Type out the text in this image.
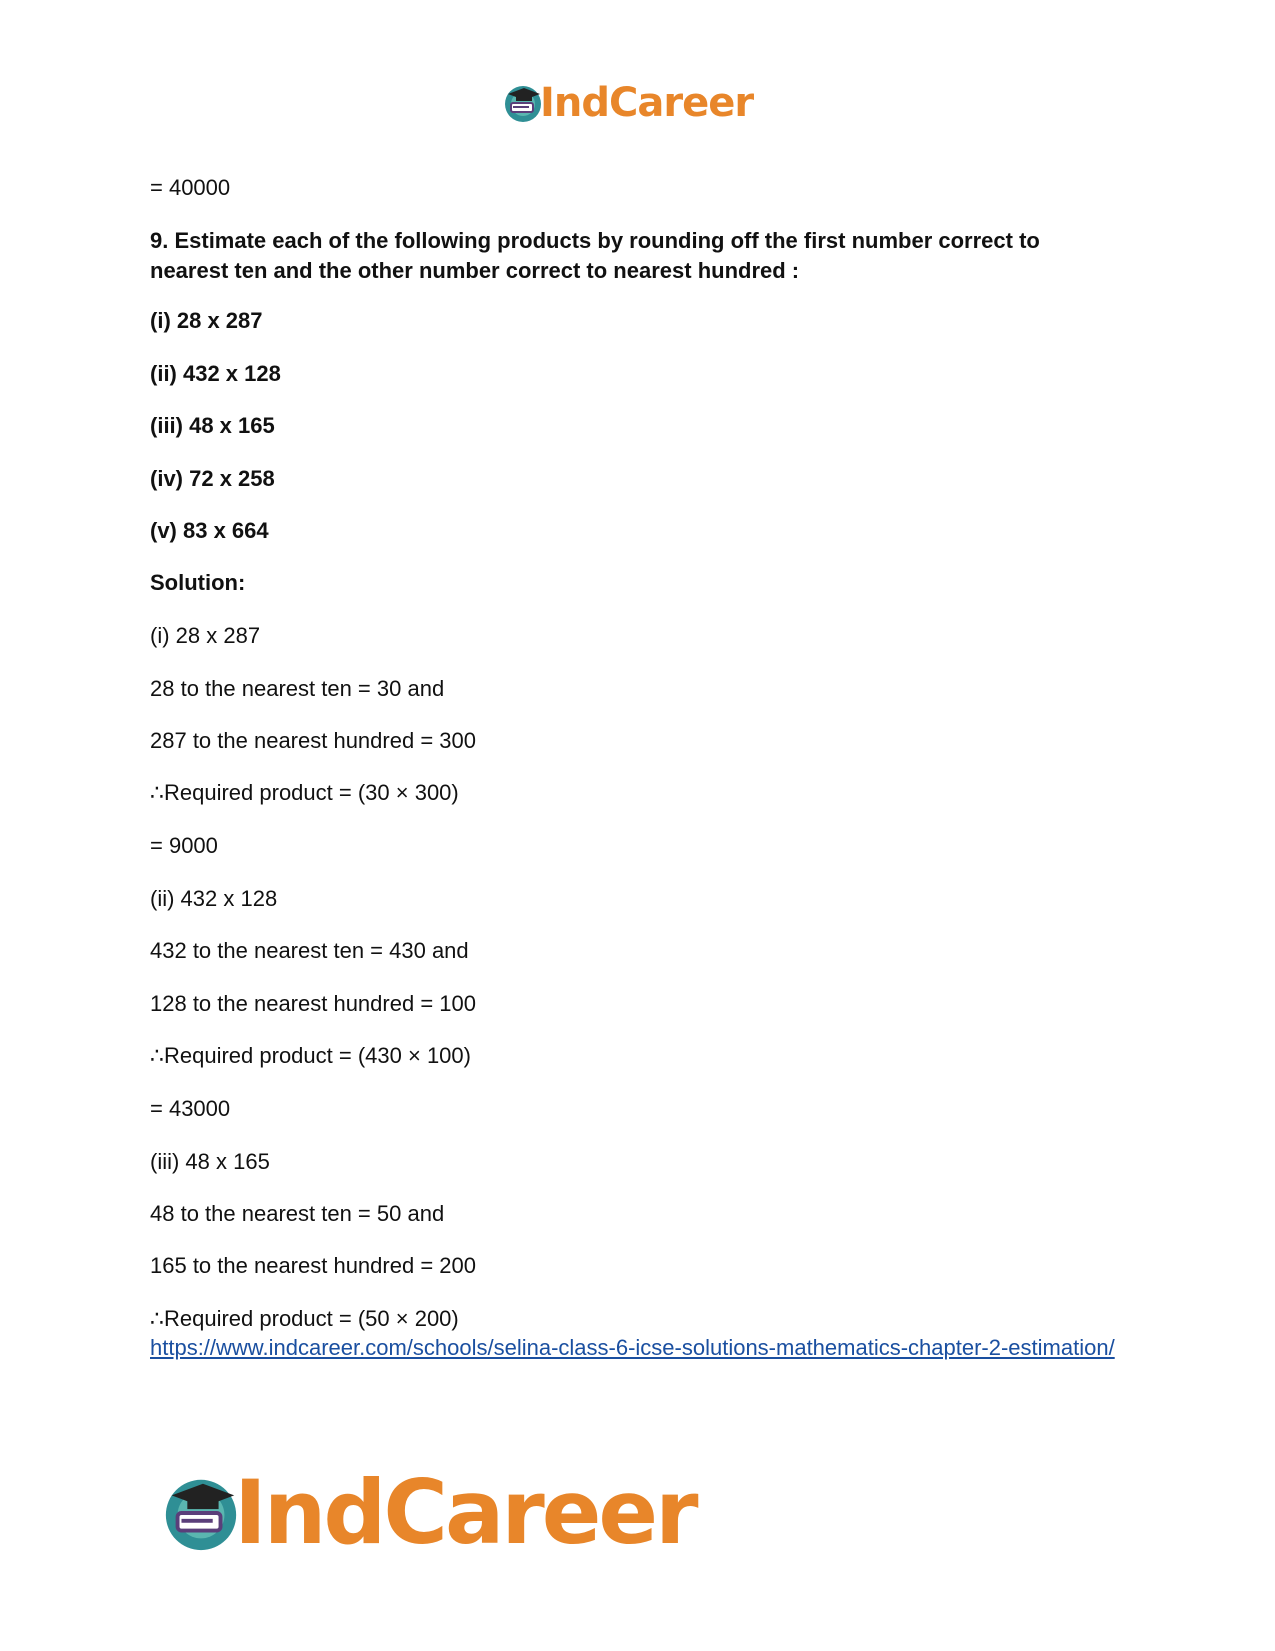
IndCareer
= 40000
9. Estimate each of the following products by rounding off the first number correct to nearest ten and the other number correct to nearest hundred :
(i) 28 x 287
(ii) 432 x 128
(iii) 48 x 165
(iv) 72 x 258
(v) 83 x 664
Solution:
(i) 28 x 287
28 to the nearest ten = 30 and
287 to the nearest hundred = 300
∴Required product = (30 × 300)
= 9000
(ii) 432 x 128
432 to the nearest ten = 430 and
128 to the nearest hundred = 100
∴Required product = (430 × 100)
= 43000
(iii) 48 x 165
48 to the nearest ten = 50 and
165 to the nearest hundred = 200
∴Required product = (50 × 200)
https://www.indcareer.com/schools/selina-class-6-icse-solutions-mathematics-chapter-2-estimation/
IndCareer
